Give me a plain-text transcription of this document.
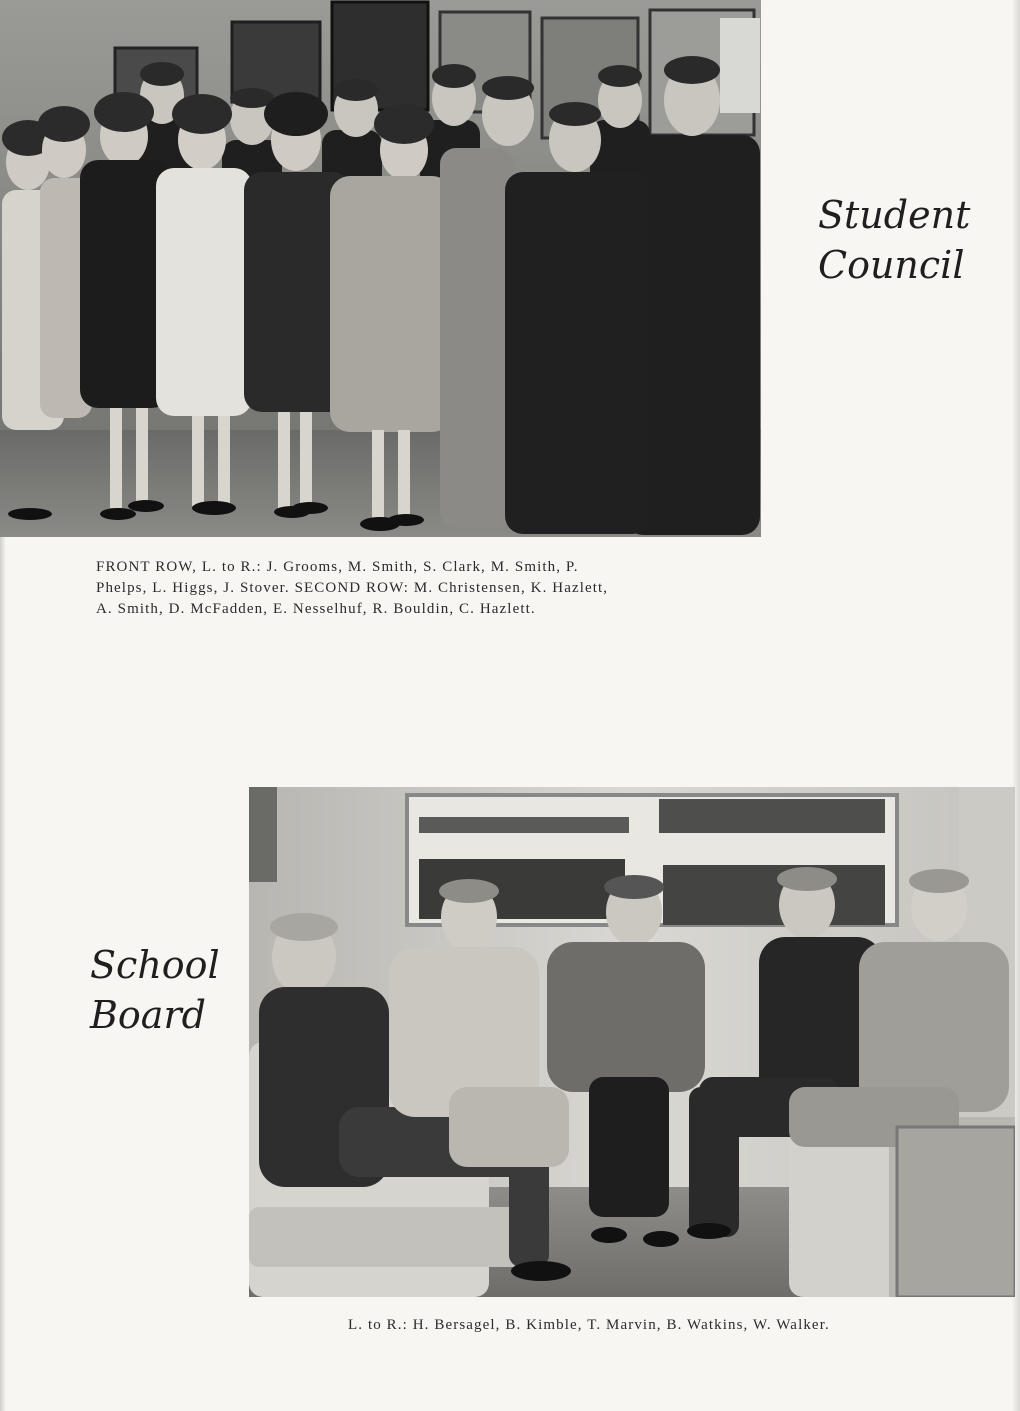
Student
Council

FRONT ROW, L. to R.: J. Grooms, M. Smith, S. Clark, M. Smith, P.
Phelps, L. Higgs, J. Stover. SECOND ROW: M. Christensen, K. Hazlett,
A. Smith, D. McFadden, E. Nesselhuf, R. Bouldin, C. Hazlett.

School
Board

L. to R.: H. Bersagel, B. Kimble, T. Marvin, B. Watkins, W. Walker.
